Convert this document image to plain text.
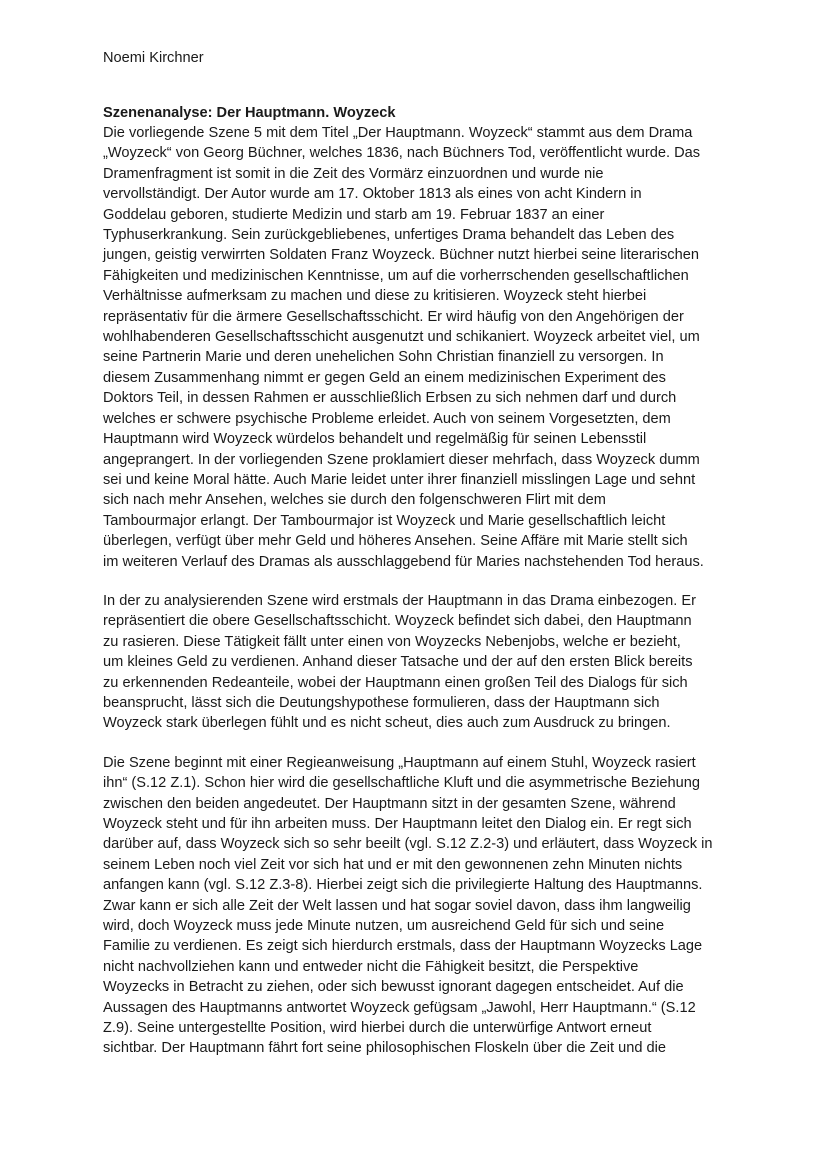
Noemi Kirchner

Szenenanalyse: Der Hauptmann. Woyzeck

Die vorliegende Szene 5 mit dem Titel „Der Hauptmann. Woyzeck“ stammt aus dem Drama
„Woyzeck“ von Georg Büchner, welches 1836, nach Büchners Tod, veröffentlicht wurde. Das
Dramenfragment ist somit in die Zeit des Vormärz einzuordnen und wurde nie
vervollständigt. Der Autor wurde am 17. Oktober 1813 als eines von acht Kindern in
Goddelau geboren, studierte Medizin und starb am 19. Februar 1837 an einer
Typhuserkrankung. Sein zurückgebliebenes, unfertiges Drama behandelt das Leben des
jungen, geistig verwirrten Soldaten Franz Woyzeck. Büchner nutzt hierbei seine literarischen
Fähigkeiten und medizinischen Kenntnisse, um auf die vorherrschenden gesellschaftlichen
Verhältnisse aufmerksam zu machen und diese zu kritisieren. Woyzeck steht hierbei
repräsentativ für die ärmere Gesellschaftsschicht. Er wird häufig von den Angehörigen der
wohlhabenderen Gesellschaftsschicht ausgenutzt und schikaniert. Woyzeck arbeitet viel, um
seine Partnerin Marie und deren unehelichen Sohn Christian finanziell zu versorgen. In
diesem Zusammenhang nimmt er gegen Geld an einem medizinischen Experiment des
Doktors Teil, in dessen Rahmen er ausschließlich Erbsen zu sich nehmen darf und durch
welches er schwere psychische Probleme erleidet. Auch von seinem Vorgesetzten, dem
Hauptmann wird Woyzeck würdelos behandelt und regelmäßig für seinen Lebensstil
angeprangert. In der vorliegenden Szene proklamiert dieser mehrfach, dass Woyzeck dumm
sei und keine Moral hätte. Auch Marie leidet unter ihrer finanziell misslingen Lage und sehnt
sich nach mehr Ansehen, welches sie durch den folgenschweren Flirt mit dem
Tambourmajor erlangt. Der Tambourmajor ist Woyzeck und Marie gesellschaftlich leicht
überlegen, verfügt über mehr Geld und höheres Ansehen. Seine Affäre mit Marie stellt sich
im weiteren Verlauf des Dramas als ausschlaggebend für Maries nachstehenden Tod heraus.

In der zu analysierenden Szene wird erstmals der Hauptmann in das Drama einbezogen. Er
repräsentiert die obere Gesellschaftsschicht. Woyzeck befindet sich dabei, den Hauptmann
zu rasieren. Diese Tätigkeit fällt unter einen von Woyzecks Nebenjobs, welche er bezieht,
um kleines Geld zu verdienen. Anhand dieser Tatsache und der auf den ersten Blick bereits
zu erkennenden Redeanteile, wobei der Hauptmann einen großen Teil des Dialogs für sich
beansprucht, lässt sich die Deutungshypothese formulieren, dass der Hauptmann sich
Woyzeck stark überlegen fühlt und es nicht scheut, dies auch zum Ausdruck zu bringen.

Die Szene beginnt mit einer Regieanweisung „Hauptmann auf einem Stuhl, Woyzeck rasiert
ihn“ (S.12 Z.1). Schon hier wird die gesellschaftliche Kluft und die asymmetrische Beziehung
zwischen den beiden angedeutet. Der Hauptmann sitzt in der gesamten Szene, während
Woyzeck steht und für ihn arbeiten muss. Der Hauptmann leitet den Dialog ein. Er regt sich
darüber auf, dass Woyzeck sich so sehr beeilt (vgl. S.12 Z.2-3) und erläutert, dass Woyzeck in
seinem Leben noch viel Zeit vor sich hat und er mit den gewonnenen zehn Minuten nichts
anfangen kann (vgl. S.12 Z.3-8). Hierbei zeigt sich die privilegierte Haltung des Hauptmanns.
Zwar kann er sich alle Zeit der Welt lassen und hat sogar soviel davon, dass ihm langweilig
wird, doch Woyzeck muss jede Minute nutzen, um ausreichend Geld für sich und seine
Familie zu verdienen. Es zeigt sich hierdurch erstmals, dass der Hauptmann Woyzecks Lage
nicht nachvollziehen kann und entweder nicht die Fähigkeit besitzt, die Perspektive
Woyzecks in Betracht zu ziehen, oder sich bewusst ignorant dagegen entscheidet. Auf die
Aussagen des Hauptmanns antwortet Woyzeck gefügsam „Jawohl, Herr Hauptmann.“ (S.12
Z.9). Seine untergestellte Position, wird hierbei durch die unterwürfige Antwort erneut
sichtbar. Der Hauptmann fährt fort seine philosophischen Floskeln über die Zeit und die
